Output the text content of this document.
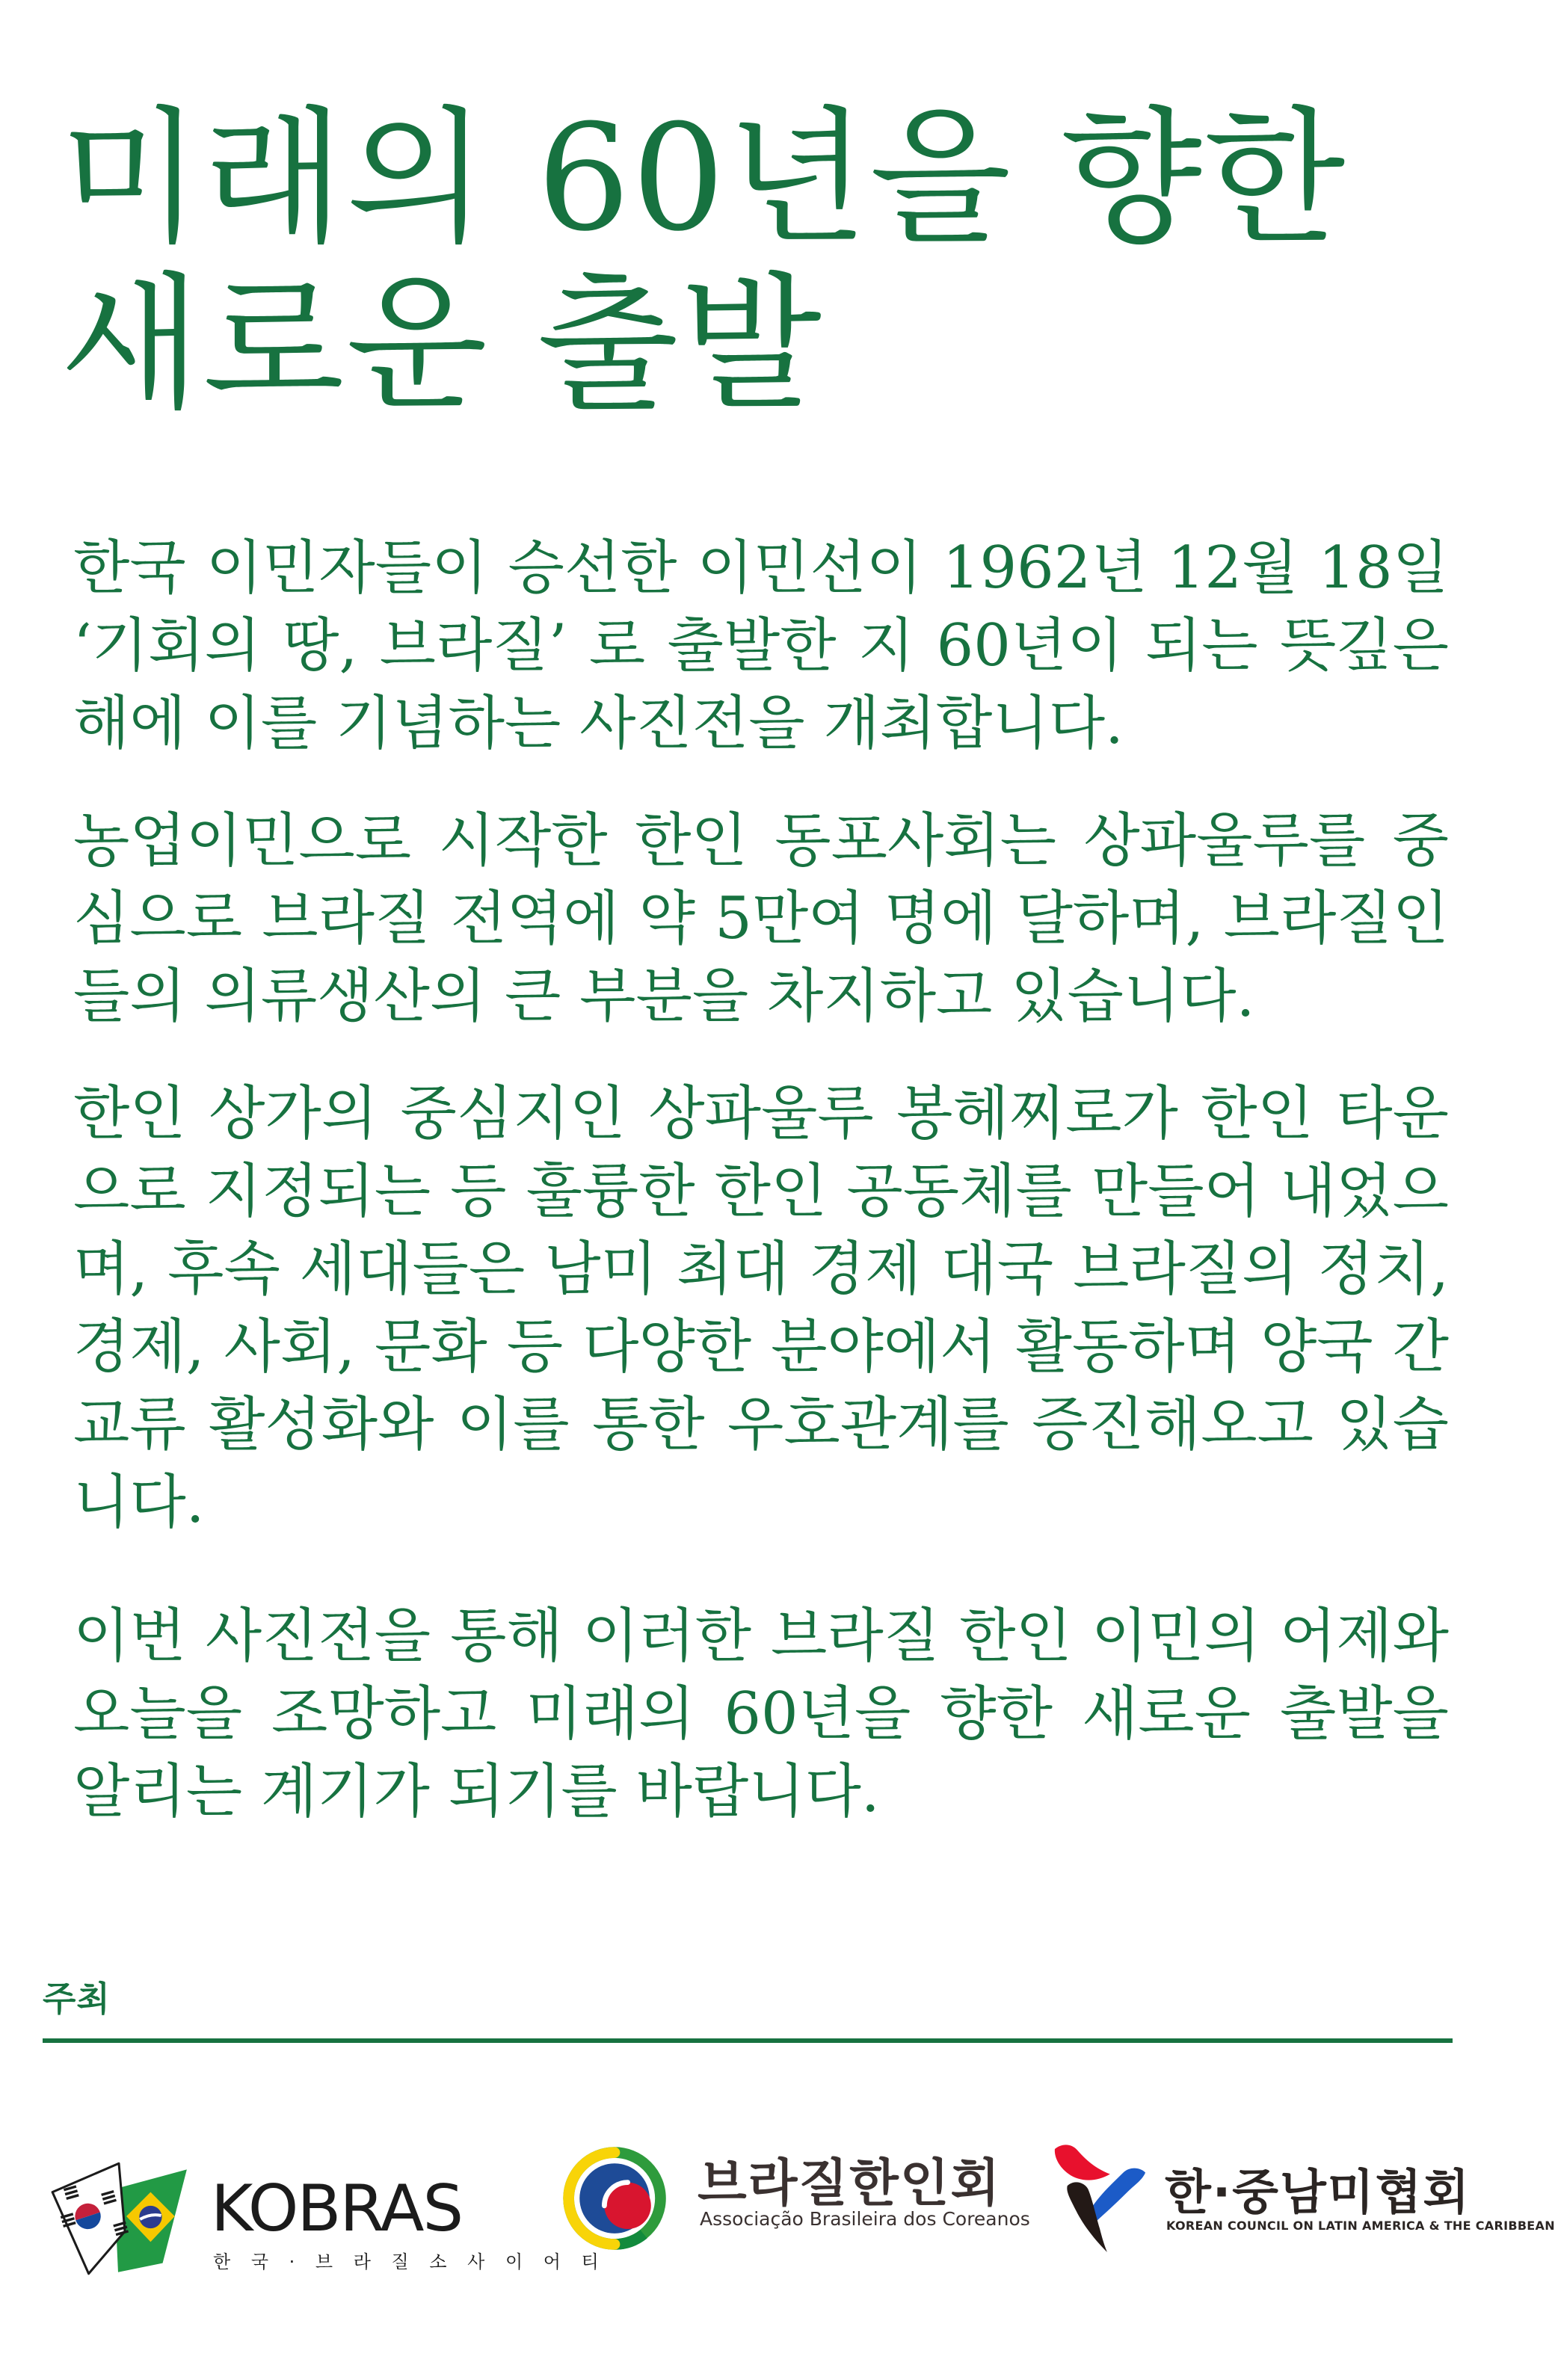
미래의 60년을 향한
새로운 출발

한국 이민자들이 승선한 이민선이 1962년 12월 18일 ‘기회의 땅, 브라질’ 로 출발한 지 60년이 되는 뜻깊은 해에 이를 기념하는 사진전을 개최합니다.

농업이민으로 시작한 한인 동포사회는 상파울루를 중심으로 브라질 전역에 약 5만여 명에 달하며, 브라질인들의 의류생산의 큰 부분을 차지하고 있습니다.

한인 상가의 중심지인 상파울루 봉헤찌로가 한인 타운으로 지정되는 등 훌륭한 한인 공동체를 만들어 내었으며, 후속 세대들은 남미 최대 경제 대국 브라질의 정치, 경제, 사회, 문화 등 다양한 분야에서 활동하며 양국 간 교류 활성화와 이를 통한 우호관계를 증진해오고 있습니다.

이번 사진전을 통해 이러한 브라질 한인 이민의 어제와 오늘을 조망하고 미래의 60년을 향한 새로운 출발을 알리는 계기가 되기를 바랍니다.

주최
KOBRAS
한 국 · 브 라 질 소 사 이 어 티
브라질한인회
Associação Brasileira dos Coreanos	한·중남미협회
KOREAN COUNCIL ON LATIN AMERICA & THE CARIBBEAN
